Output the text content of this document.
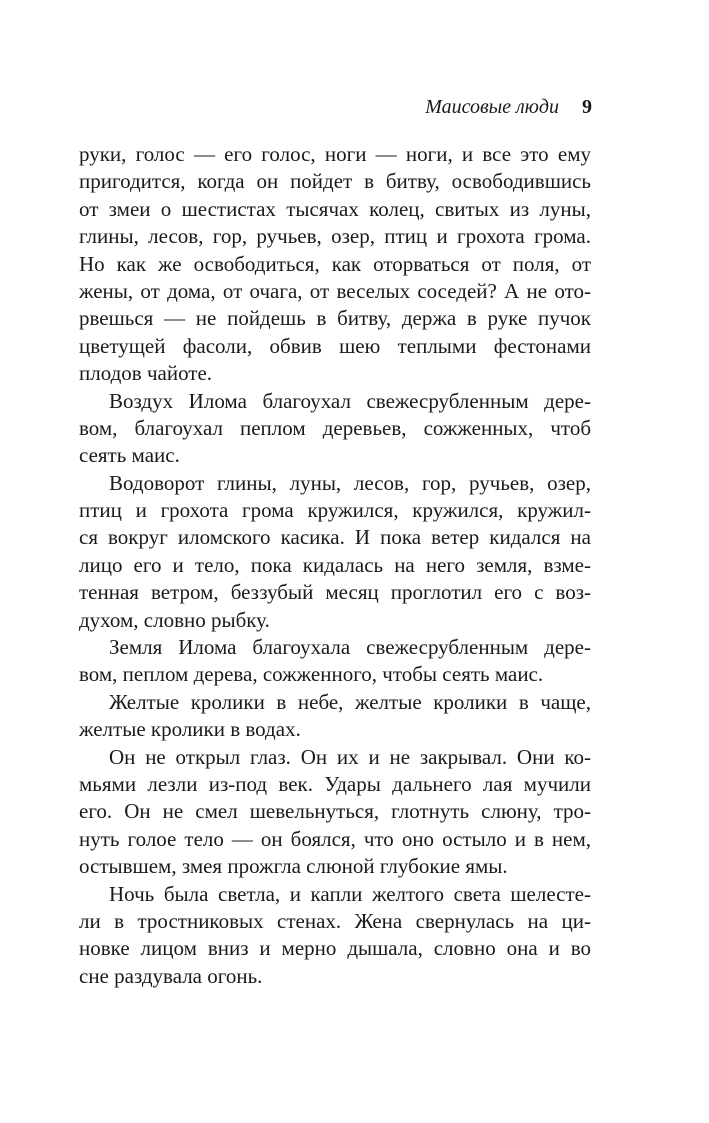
Маисовые люди 9
руки, голос — его голос, ноги — ноги, и все это ему
пригодится, когда он пойдет в битву, освободившись
от змеи о шестистах тысячах колец, свитых из луны,
глины, лесов, гор, ручьев, озер, птиц и грохота грома.
Но как же освободиться, как оторваться от поля, от
жены, от дома, от очага, от веселых соседей? А не ото-
рвешься — не пойдешь в битву, держа в руке пучок
цветущей фасоли, обвив шею теплыми фестонами
плодов чайоте.
Воздух Илома благоухал свежесрубленным дере-
вом, благоухал пеплом деревьев, сожженных, чтоб
сеять маис.
Водоворот глины, луны, лесов, гор, ручьев, озер,
птиц и грохота грома кружился, кружился, кружил-
ся вокруг иломского касика. И пока ветер кидался на
лицо его и тело, пока кидалась на него земля, взме-
тенная ветром, беззубый месяц проглотил его с воз-
духом, словно рыбку.
Земля Илома благоухала свежесрубленным дере-
вом, пеплом дерева, сожженного, чтобы сеять маис.
Желтые кролики в небе, желтые кролики в чаще,
желтые кролики в водах.
Он не открыл глаз. Он их и не закрывал. Они ко-
мьями лезли из-под век. Удары дальнего лая мучили
его. Он не смел шевельнуться, глотнуть слюну, тро-
нуть голое тело — он боялся, что оно остыло и в нем,
остывшем, змея прожгла слюной глубокие ямы.
Ночь была светла, и капли желтого света шелесте-
ли в тростниковых стенах. Жена свернулась на ци-
новке лицом вниз и мерно дышала, словно она и во
сне раздувала огонь.
